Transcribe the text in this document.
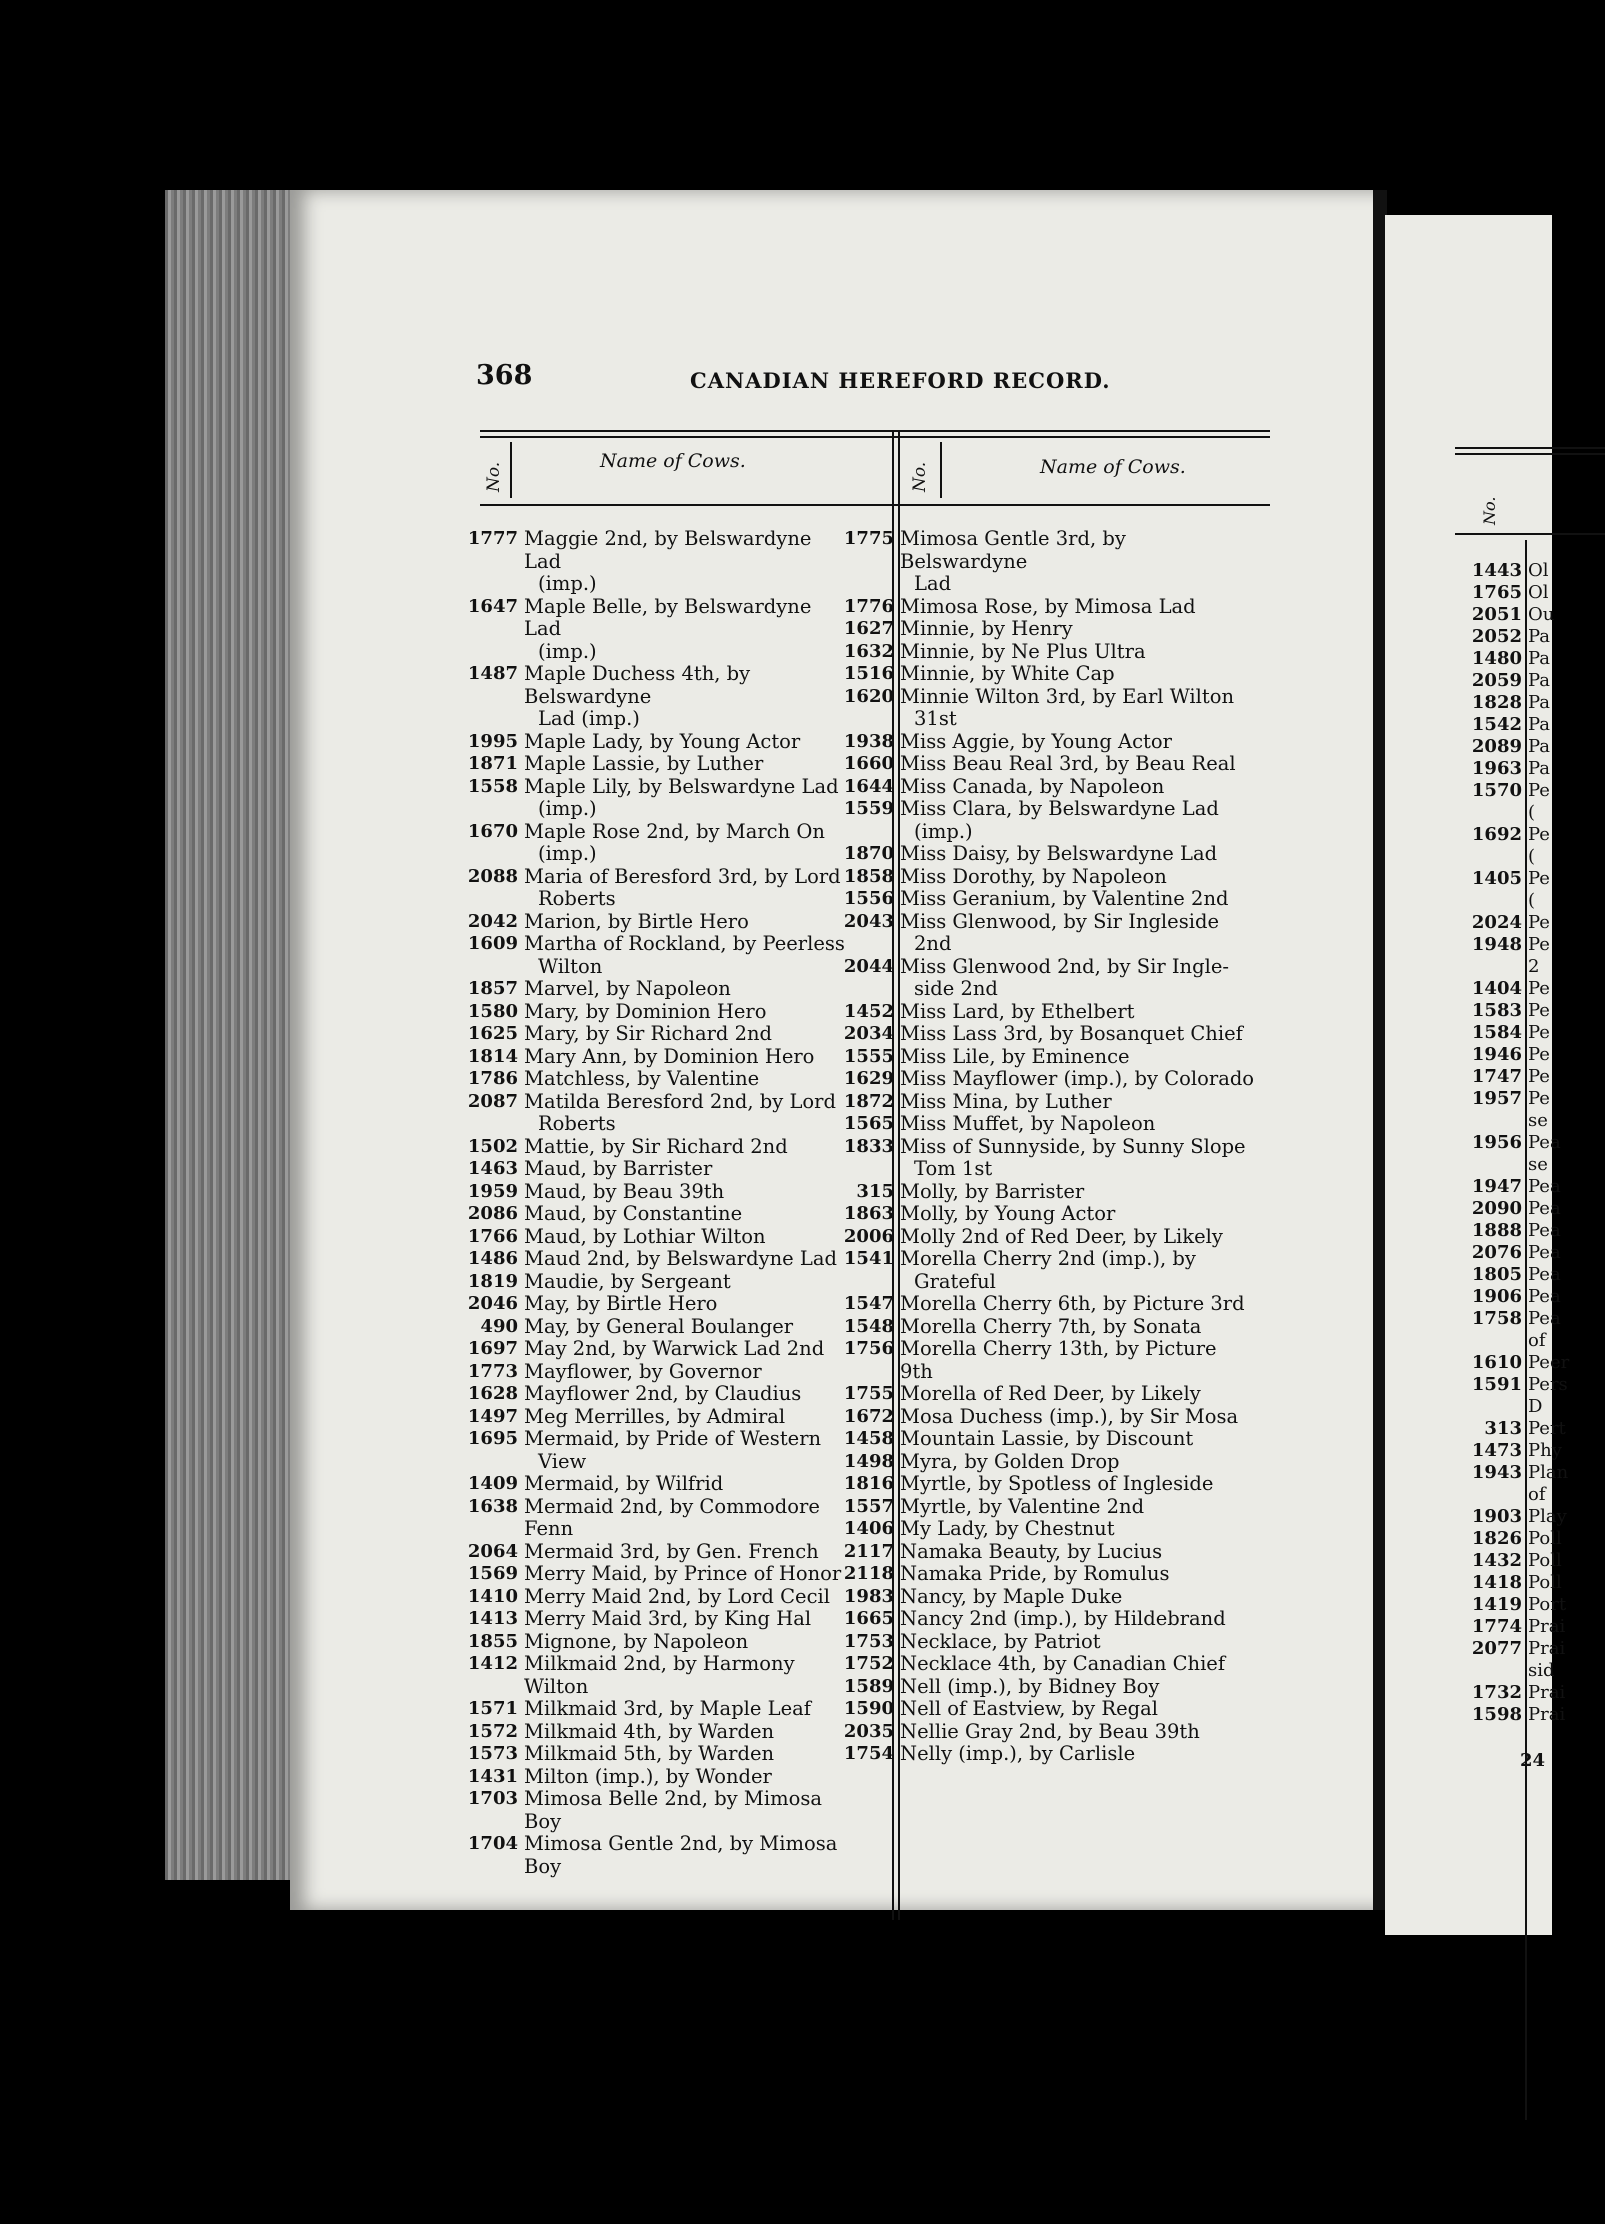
368	CANADIAN HEREFORD RECORD.
No.
Name of Cows.
No.	Name of Cows.
1777 Maggie 2nd, by Belswardyne Lad
(imp.)
1647 Maple Belle, by Belswardyne Lad
(imp.)
1487 Maple Duchess 4th, by Belswardyne
Lad (imp.)
1995 Maple Lady, by Young Actor
1871 Maple Lassie, by Luther
1558 Maple Lily, by Belswardyne Lad
(imp.)
1670 Maple Rose 2nd, by March On
(imp.)
2088 Maria of Beresford 3rd, by Lord
Roberts
2042 Marion, by Birtle Hero
1609 Martha of Rockland, by Peerless
Wilton
1857 Marvel, by Napoleon
1580 Mary, by Dominion Hero
1625 Mary, by Sir Richard 2nd
1814 Mary Ann, by Dominion Hero
1786 Matchless, by Valentine
2087 Matilda Beresford 2nd, by Lord
Roberts
1502 Mattie, by Sir Richard 2nd
1463 Maud, by Barrister
1959 Maud, by Beau 39th
2086 Maud, by Constantine
1766 Maud, by Lothiar Wilton
1486 Maud 2nd, by Belswardyne Lad
1819 Maudie, by Sergeant
2046 May, by Birtle Hero
490 May, by General Boulanger
1697 May 2nd, by Warwick Lad 2nd
1773 Mayflower, by Governor
1628 Mayflower 2nd, by Claudius
1497 Meg Merrilles, by Admiral
1695 Mermaid, by Pride of Western
View
1409 Mermaid, by Wilfrid
1638 Mermaid 2nd, by Commodore Fenn
2064 Mermaid 3rd, by Gen. French
1569 Merry Maid, by Prince of Honor
1410 Merry Maid 2nd, by Lord Cecil
1413 Merry Maid 3rd, by King Hal
1855 Mignone, by Napoleon
1412 Milkmaid 2nd, by Harmony Wilton
1571 Milkmaid 3rd, by Maple Leaf
1572 Milkmaid 4th, by Warden
1573 Milkmaid 5th, by Warden
1431 Milton (imp.), by Wonder
1703 Mimosa Belle 2nd, by Mimosa Boy
1704 Mimosa Gentle 2nd, by Mimosa Boy
1775 Mimosa Gentle 3rd, by Belswardyne
Lad
1776 Mimosa Rose, by Mimosa Lad
1627 Minnie, by Henry
1632 Minnie, by Ne Plus Ultra
1516 Minnie, by White Cap
1620 Minnie Wilton 3rd, by Earl Wilton
31st
1938 Miss Aggie, by Young Actor
1660 Miss Beau Real 3rd, by Beau Real
1644 Miss Canada, by Napoleon
1559 Miss Clara, by Belswardyne Lad
(imp.)
1870 Miss Daisy, by Belswardyne Lad
1858 Miss Dorothy, by Napoleon
1556 Miss Geranium, by Valentine 2nd
2043 Miss Glenwood, by Sir Ingleside
2nd
2044 Miss Glenwood 2nd, by Sir Ingle-
side 2nd
1452 Miss Lard, by Ethelbert
2034 Miss Lass 3rd, by Bosanquet Chief
1555 Miss Lile, by Eminence
1629 Miss Mayflower (imp.), by Colorado
1872 Miss Mina, by Luther
1565 Miss Muffet, by Napoleon
1833 Miss of Sunnyside, by Sunny Slope
Tom 1st
315 Molly, by Barrister
1863 Molly, by Young Actor
2006 Molly 2nd of Red Deer, by Likely
1541 Morella Cherry 2nd (imp.), by
Grateful
1547 Morella Cherry 6th, by Picture 3rd
1548 Morella Cherry 7th, by Sonata
1756 Morella Cherry 13th, by Picture 9th
1755 Morella of Red Deer, by Likely
1672 Mosa Duchess (imp.), by Sir Mosa
1458 Mountain Lassie, by Discount
1498 Myra, by Golden Drop
1816 Myrtle, by Spotless of Ingleside
1557 Myrtle, by Valentine 2nd
1406 My Lady, by Chestnut
2117 Namaka Beauty, by Lucius
2118 Namaka Pride, by Romulus
1983 Nancy, by Maple Duke
1665 Nancy 2nd (imp.), by Hildebrand
1753 Necklace, by Patriot
1752 Necklace 4th, by Canadian Chief
1589 Nell (imp.), by Bidney Boy
1590 Nell of Eastview, by Regal
2035 Nellie Gray 2nd, by Beau 39th
1754 Nelly (imp.), by Carlisle
No.
1443 Ol
1765 Ol
2051 Ou
2052 Pa
1480 Pa
2059 Pa
1828 Pa
1542 Pa
2089 Pa
1963 Pa
1570 Pe
(
1692 Pe
(
1405 Pe
(
2024 Pe
1948 Pe
2
1404 Pe
1583 Pe
1584 Pe
1946 Pe
1747 Pe
1957 Pe
se
1956 Pea
se
1947 Pea
2090 Pea
1888 Pea
2076 Pea
1805 Pea
1906 Pea
1758 Pea
of
1610 Peer
1591 Pers
D
313 Pert
1473 Phy
1943 Plan
of
1903 Play
1826 Poll
1432 Poll
1418 Poll
1419 Port
1774 Prai
2077 Prai
sid
1732 Prai
1598 Prai
24
